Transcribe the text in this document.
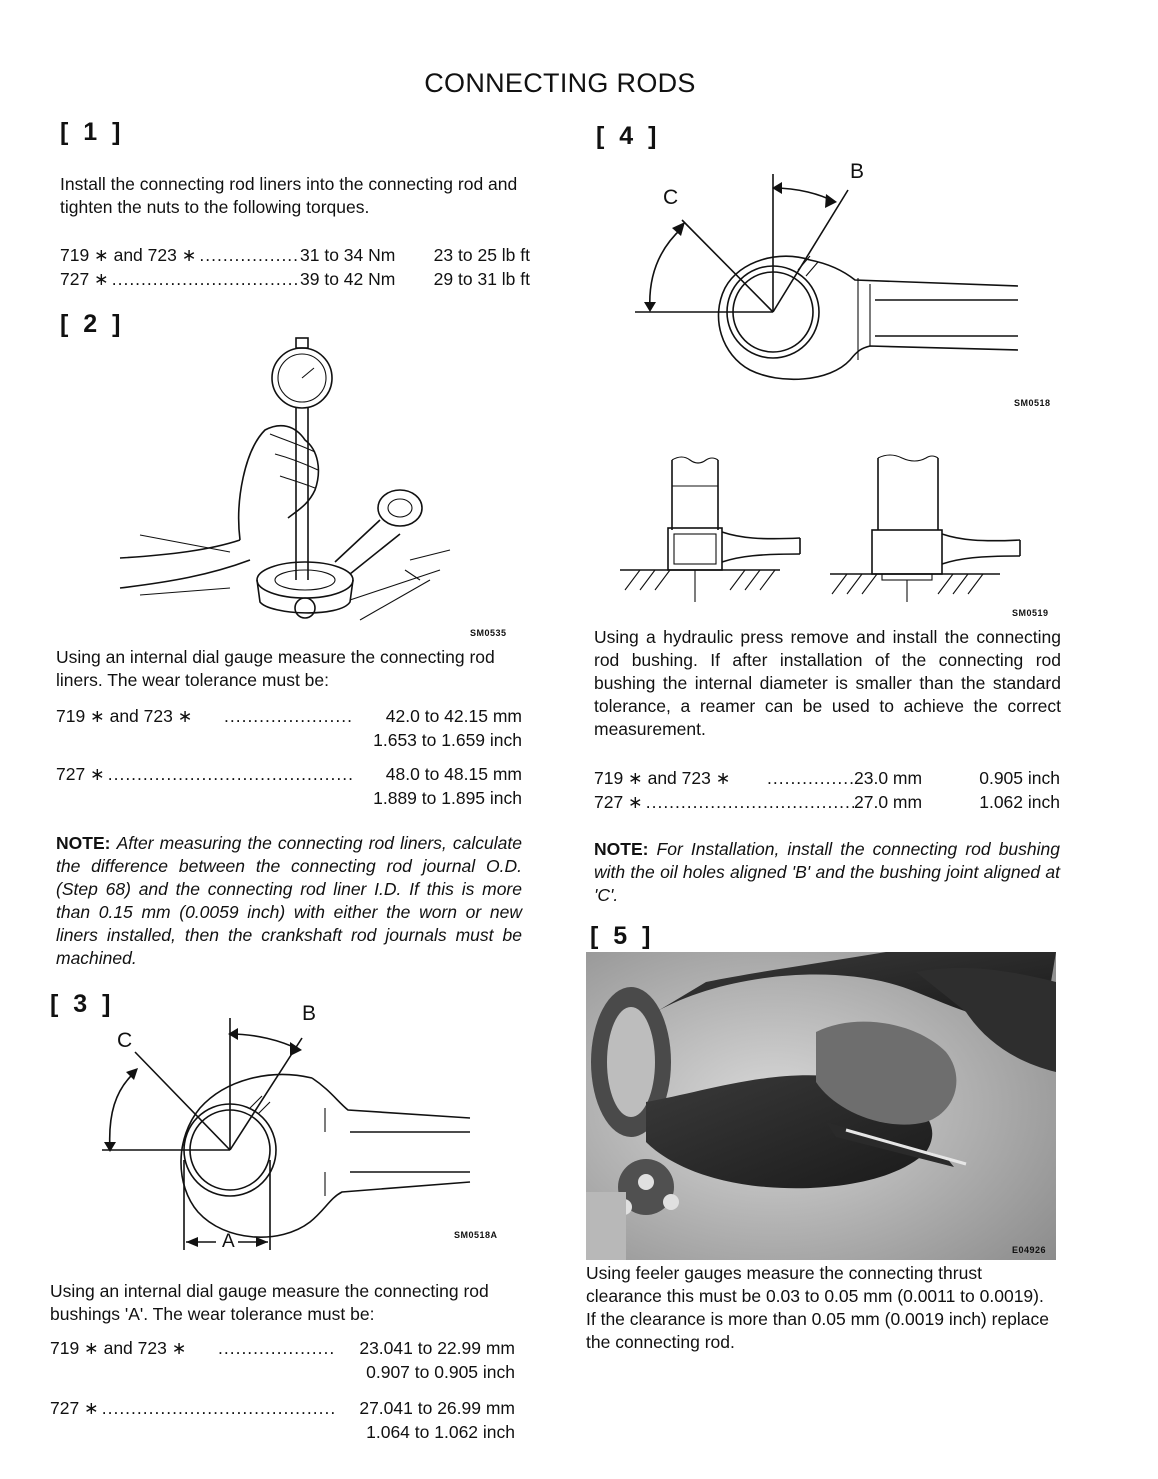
CONNECTING RODS
[ 1 ]
Install the connecting rod liners into the connecting rod and tighten the nuts to the following torques.
719 ∗ and 723 ∗ .....	31 to 34 Nm	23 to 25 lb ft
727 ∗ .....	39 to 42 Nm	29 to 31 lb ft
[ 2 ]
SM0535
Using an internal dial gauge measure the connecting rod liners. The wear tolerance must be:
719 ∗ and 723 ∗ .....	42.0 to 42.15 mm
1.653 to 1.659 inch
727 ∗ .....	48.0 to 48.15 mm
1.889 to 1.895 inch
NOTE: After measuring the connecting rod liners, calculate the difference between the connecting rod journal O.D. (Step 68) and the connecting rod liner I.D. If this is more than 0.15 mm (0.0059 inch) with either the worn or new liners installed, then the crankshaft rod journals must be machined.
[ 3 ]	B
C
A	SM0518A
Using an internal dial gauge measure the connecting rod bushings 'A'. The wear tolerance must be:
719 ∗ and 723 ∗ .....	23.041 to 22.99 mm
0.907 to 0.905 inch
727 ∗ .....	27.041 to 26.99 mm
1.064 to 1.062 inch
[ 4 ]
B
C
SM0518
SM0519
Using a hydraulic press remove and install the connecting rod bushing. If after installation of the connecting rod bushing the internal diameter is smaller than the standard tolerance, a reamer can be used to achieve the correct measurement.
719 ∗ and 723 ∗ .....	23.0 mm	0.905 inch
727 ∗ .....	27.0 mm	1.062 inch
NOTE: For Installation, install the connecting rod bushing with the oil holes aligned 'B' and the bushing joint aligned at 'C'.
[ 5 ]
E04926
Using feeler gauges measure the connecting thrust clearance this must be 0.03 to 0.05 mm (0.0011 to 0.0019). If the clearance is more than 0.05 mm (0.0019 inch) replace the connecting rod.
